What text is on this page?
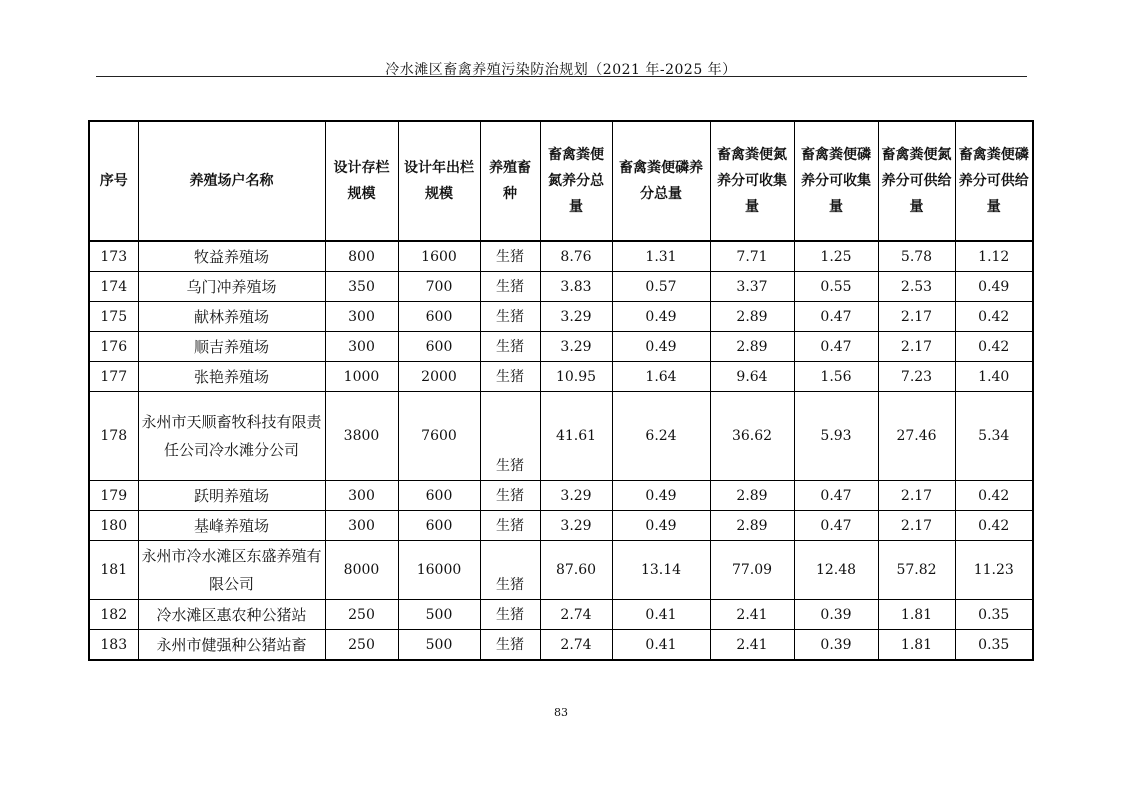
冷水滩区畜禽养殖污染防治规划（2021 年-2025 年）
序号	养殖场户名称	设计存栏规模	设计年出栏规模	养殖畜种	畜禽粪便氮养分总量	畜禽粪便磷养分总量	畜禽粪便氮养分可收集量	畜禽粪便磷养分可收集量	畜禽粪便氮养分可供给量	畜禽粪便磷养分可供给量
173	牧益养殖场	800	1600	生猪	8.76	1.31	7.71	1.25	5.78	1.12
174	乌门冲养殖场	350	700	生猪	3.83	0.57	3.37	0.55	2.53	0.49
175	献林养殖场	300	600	生猪	3.29	0.49	2.89	0.47	2.17	0.42
176	顺吉养殖场	300	600	生猪	3.29	0.49	2.89	0.47	2.17	0.42
177	张艳养殖场	1000	2000	生猪	10.95	1.64	9.64	1.56	7.23	1.40
178	永州市天顺畜牧科技有限责任公司冷水滩分公司	3800	7600	生猪	41.61	6.24	36.62	5.93	27.46	5.34
179	跃明养殖场	300	600	生猪	3.29	0.49	2.89	0.47	2.17	0.42
180	基峰养殖场	300	600	生猪	3.29	0.49	2.89	0.47	2.17	0.42
181	永州市冷水滩区东盛养殖有限公司	8000	16000	生猪	87.60	13.14	77.09	12.48	57.82	11.23
182	冷水滩区惠农种公猪站	250	500	生猪	2.74	0.41	2.41	0.39	1.81	0.35
183	永州市健强种公猪站畜	250	500	生猪	2.74	0.41	2.41	0.39	1.81	0.35
83
